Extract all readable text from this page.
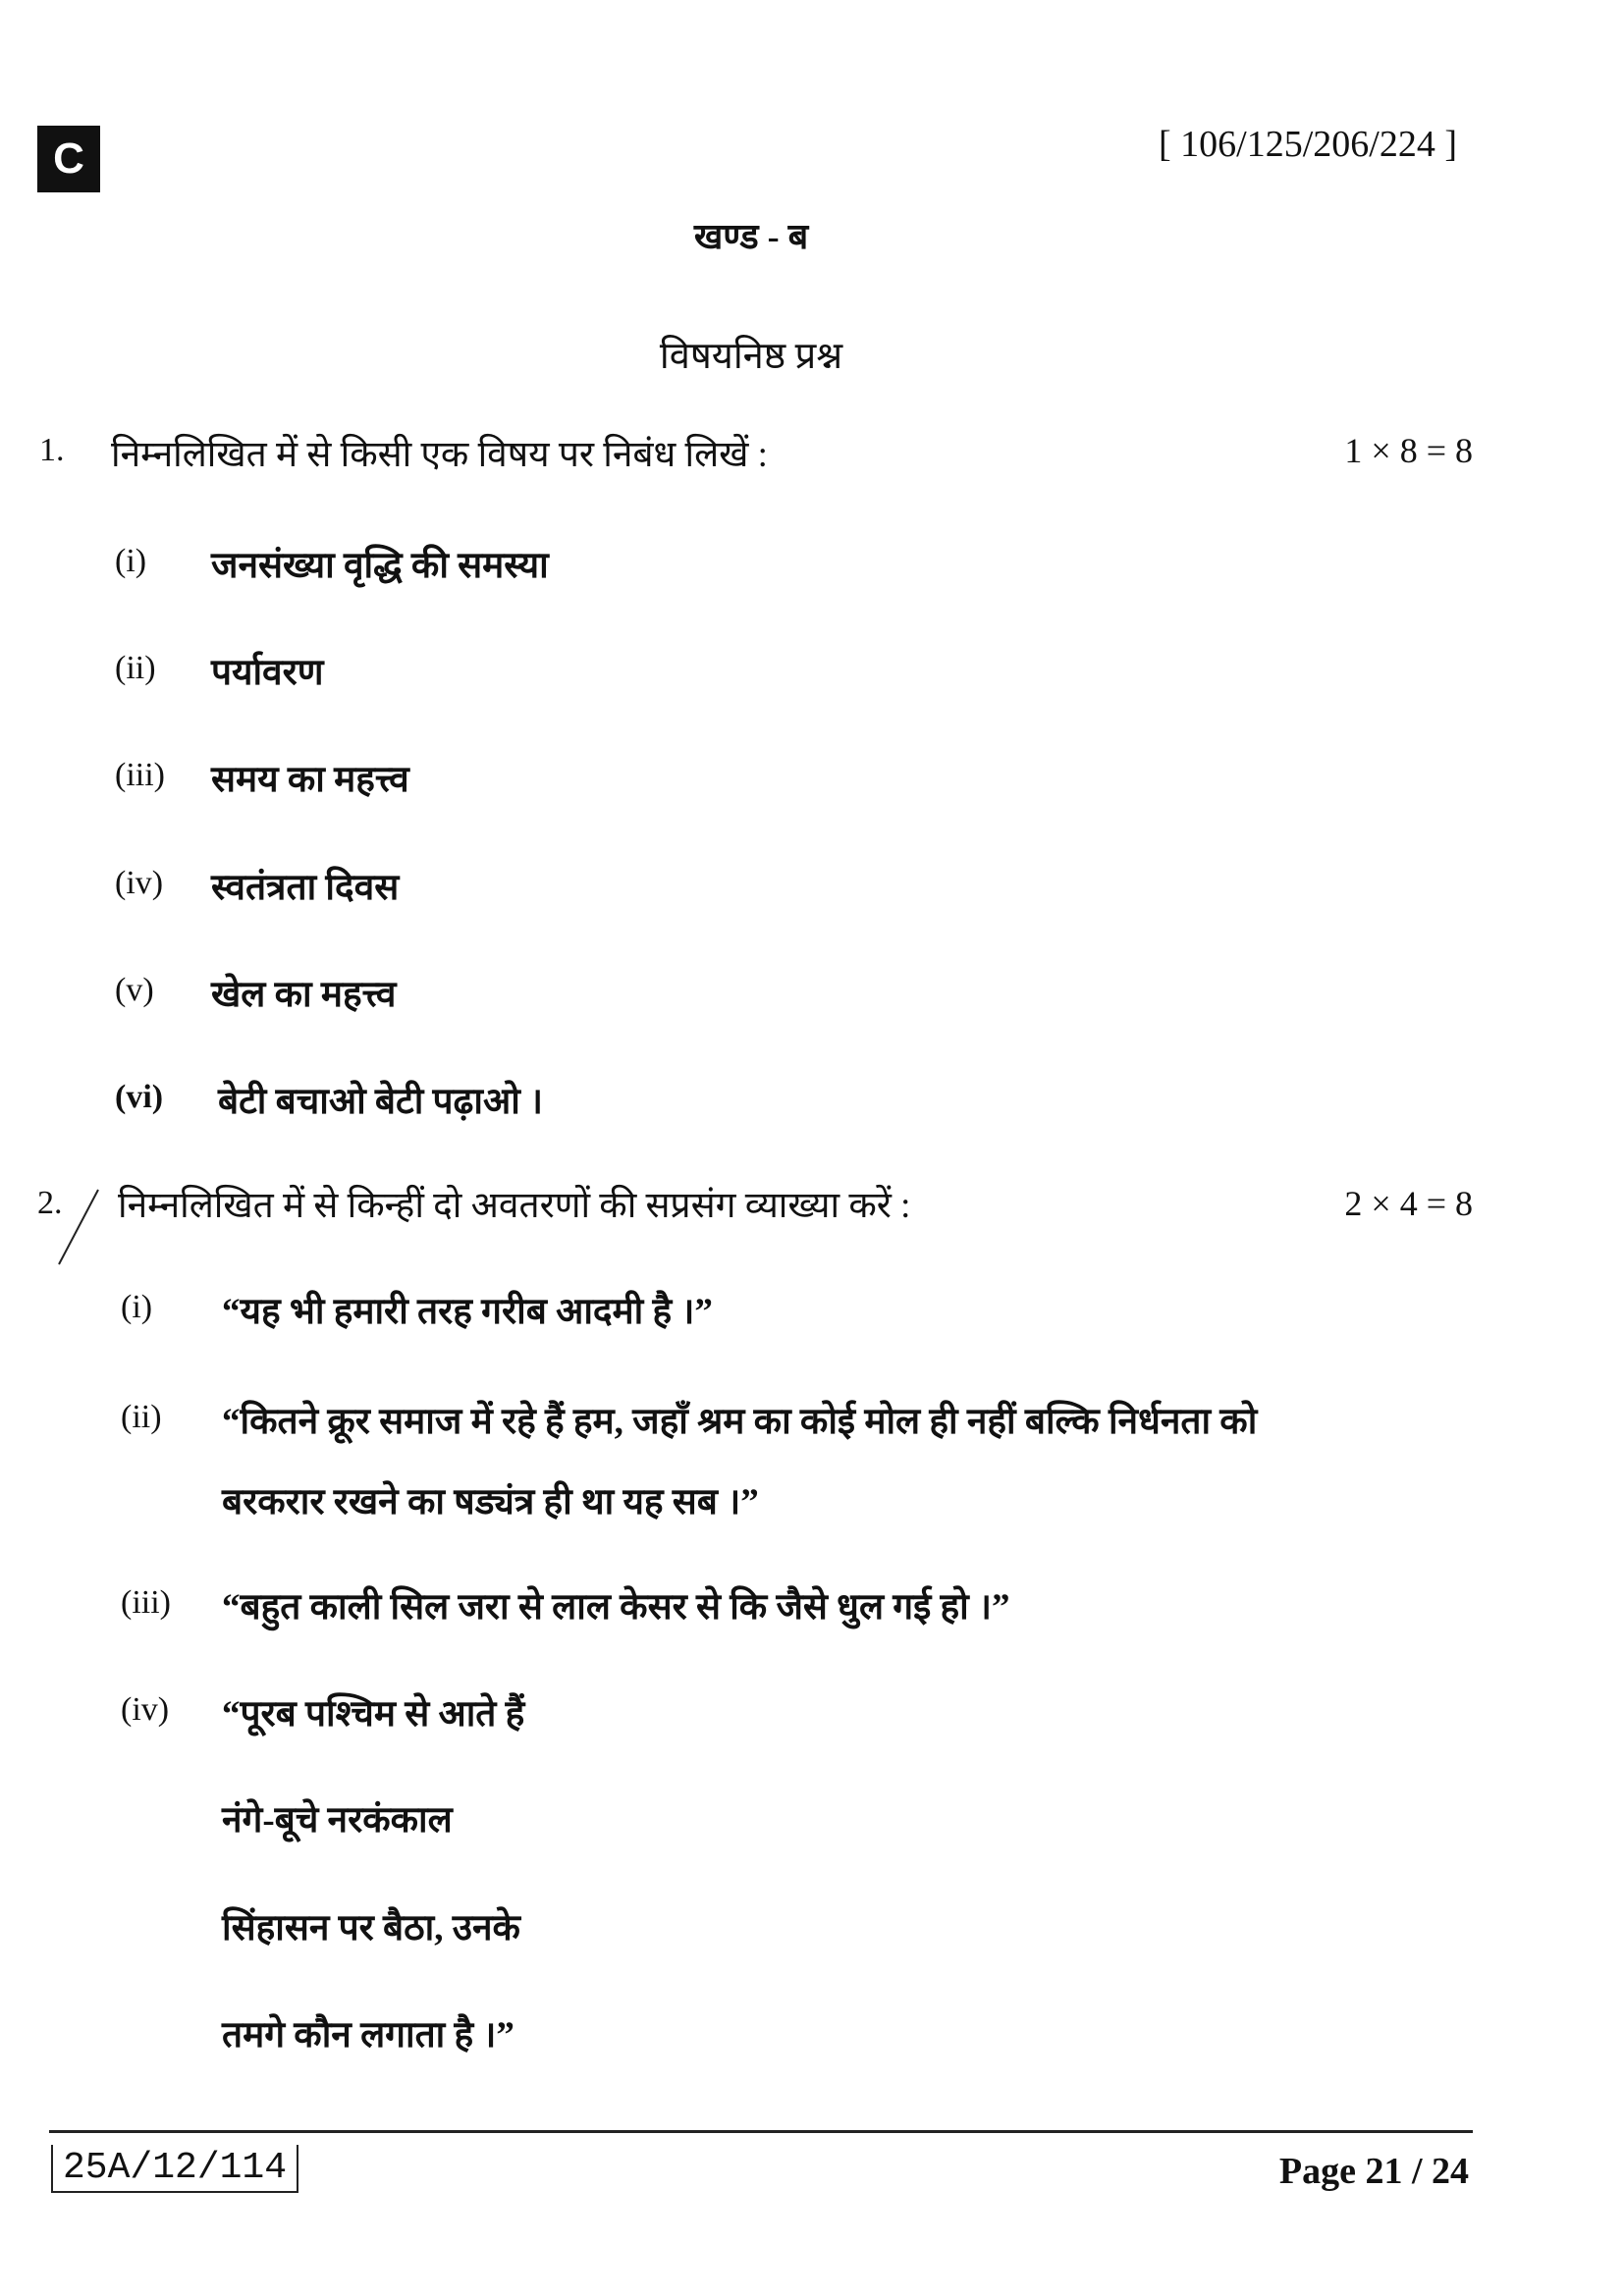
C	[ 106/125/206/224 ]
खण्ड - ब
विषयनिष्ठ प्रश्न
1. निम्नलिखित में से किसी एक विषय पर निबंध लिखें :	1 × 8 = 8
(i) जनसंख्या वृद्धि की समस्या
(ii) पर्यावरण
(iii) समय का महत्त्व
(iv) स्वतंत्रता दिवस
(v) खेल का महत्त्व
(vi) बेटी बचाओ बेटी पढ़ाओ ।
2. निम्नलिखित में से किन्हीं दो अवतरणों की सप्रसंग व्याख्या करें :	2 × 4 = 8
(i) “यह भी हमारी तरह गरीब आदमी है ।”
(ii) “कितने क्रूर समाज में रहे हैं हम, जहाँ श्रम का कोई मोल ही नहीं बल्कि निर्धनता को
बरकरार रखने का षड्यंत्र ही था यह सब ।”
(iii) “बहुत काली सिल जरा से लाल केसर से कि जैसे धुल गई हो ।”
(iv) “पूरब पश्चिम से आते हैं
नंगे-बूचे नरकंकाल
सिंहासन पर बैठा, उनके
तमगे कौन लगाता है ।”
25A/12/114	Page 21 / 24
